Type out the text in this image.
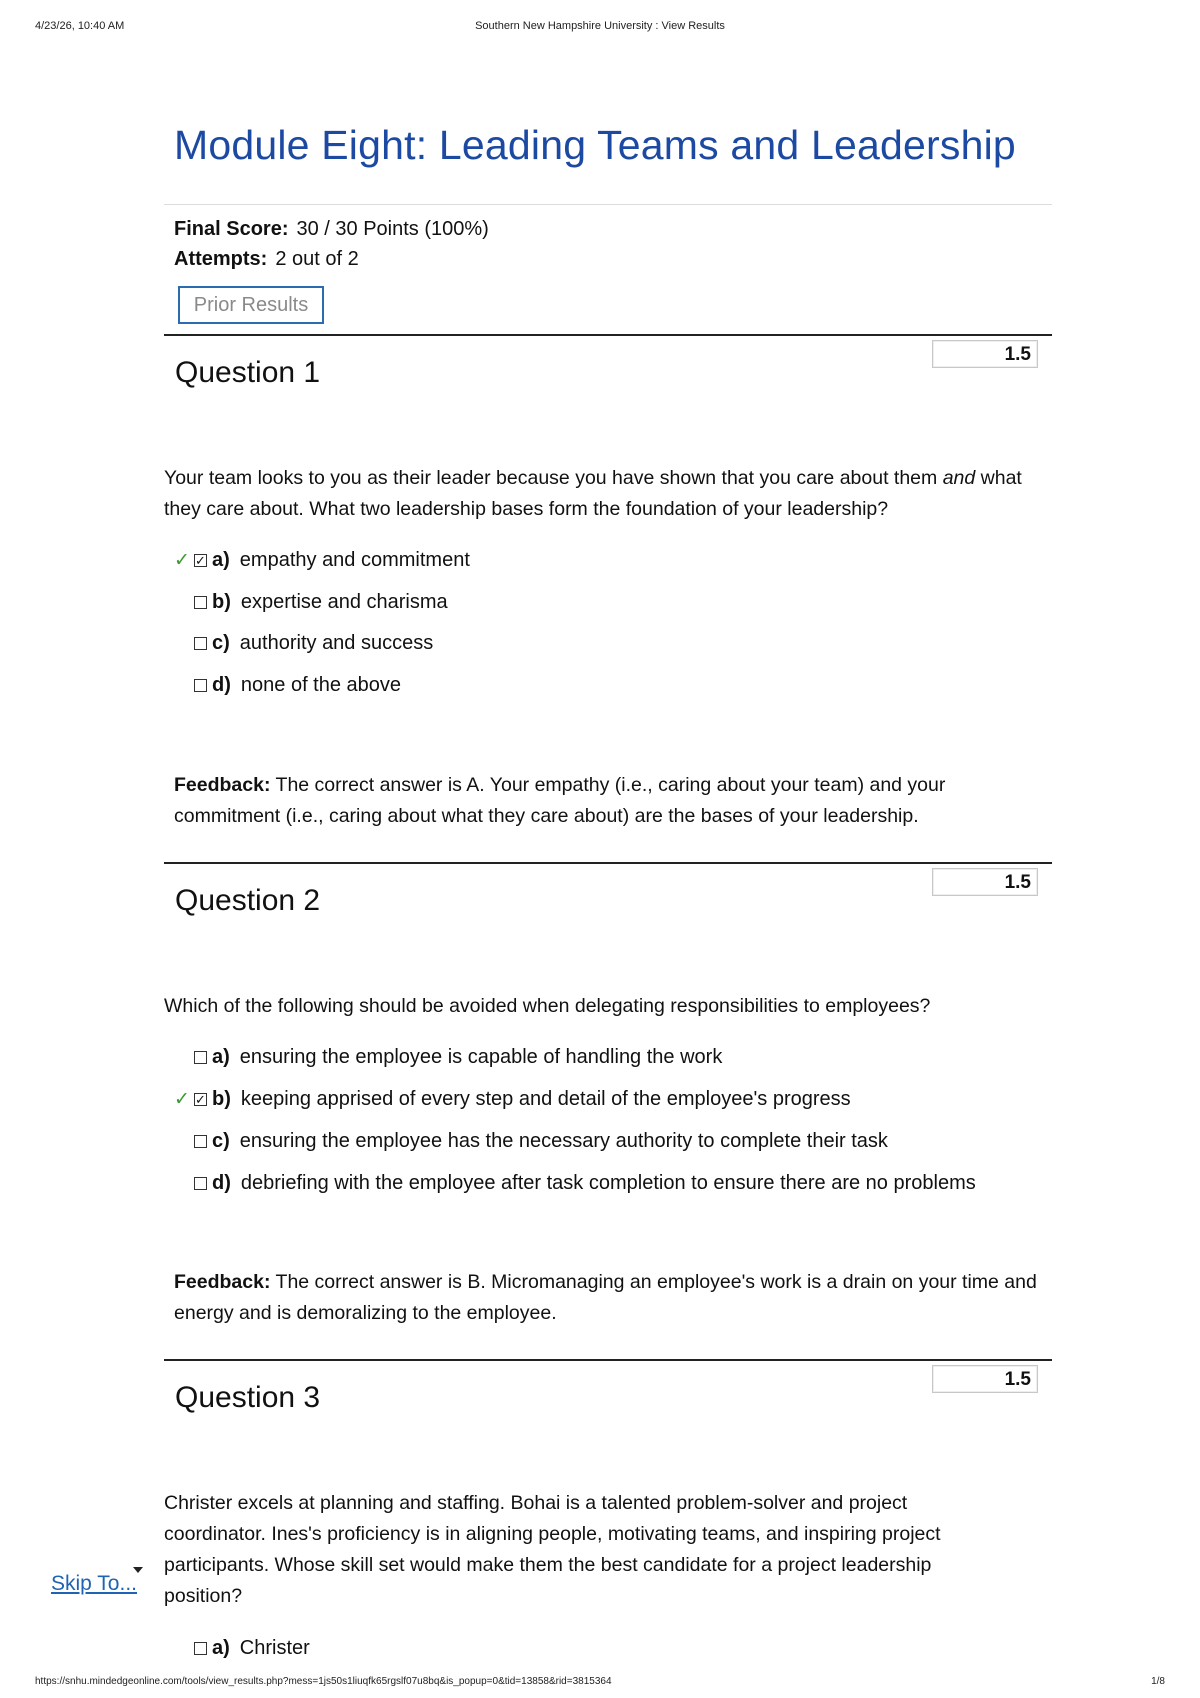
4/23/26, 10:40 AM	Southern New Hampshire University : View Results
Module Eight: Leading Teams and Leadership
Final Score: 30 / 30 Points (100%)
Attempts: 2 out of 2
Prior Results
Question 1
1.5
Your team looks to you as their leader because you have shown that you care about them and what they care about. What two leadership bases form the foundation of your leadership?
✓ ✓ a) empathy and commitment
b) expertise and charisma
c) authority and success
d) none of the above
Feedback: The correct answer is A. Your empathy (i.e., caring about your team) and your commitment (i.e., caring about what they care about) are the bases of your leadership.
Question 2
1.5
Which of the following should be avoided when delegating responsibilities to employees?
a) ensuring the employee is capable of handling the work
✓ ✓ b) keeping apprised of every step and detail of the employee's progress
c) ensuring the employee has the necessary authority to complete their task
d) debriefing with the employee after task completion to ensure there are no problems
Feedback: The correct answer is B. Micromanaging an employee's work is a drain on your time and energy and is demoralizing to the employee.
Question 3
1.5
Christer excels at planning and staffing. Bohai is a talented problem-solver and project coordinator. Ines's proficiency is in aligning people, motivating teams, and inspiring project participants. Whose skill set would make them the best candidate for a project leadership position?
a) Christer
Skip To...
https://snhu.mindedgeonline.com/tools/view_results.php?mess=1js50s1liuqfk65rgslf07u8bq&is_popup=0&tid=13858&rid=3815364	1/8
